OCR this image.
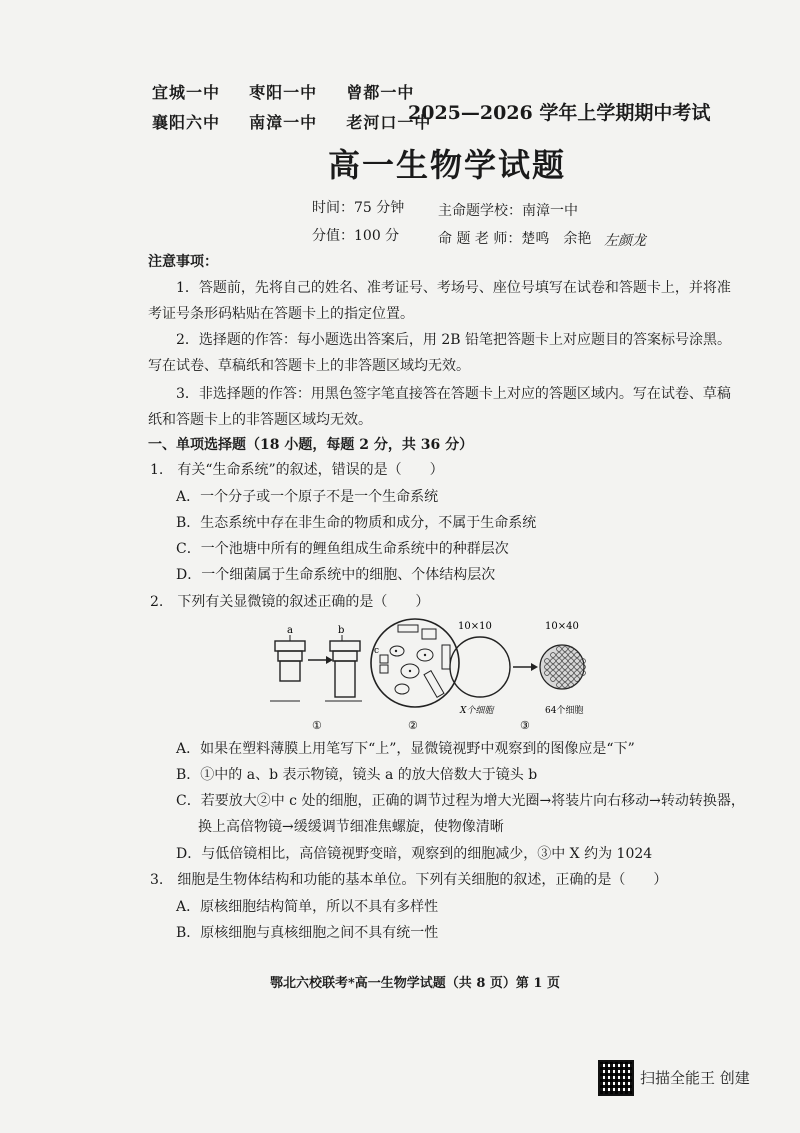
宜城一中 枣阳一中 曾都一中
襄阳六中 南漳一中 老河口一中
2025—2026 学年上学期期中考试
高一生物学试题
时间：75 分钟 主命题学校：南漳一中
分值：100 分	命 题 老 师：楚鸣　余艳 左颜龙
注意事项：
1．答题前，先将自己的姓名、准考证号、考场号、座位号填写在试卷和答题卡上，并将准
考证号条形码粘贴在答题卡上的指定位置。
2．选择题的作答：每小题选出答案后，用 2B 铅笔把答题卡上对应题目的答案标号涂黑。
写在试卷、草稿纸和答题卡上的非答题区域均无效。
3．非选择题的作答：用黑色签字笔直接答在答题卡上对应的答题区域内。写在试卷、草稿
纸和答题卡上的非答题区域均无效。
一、单项选择题（18 小题，每题 2 分，共 36 分）
1.　有关“生命系统”的叙述，错误的是（　　）
A．一个分子或一个原子不是一个生命系统
B．生态系统中存在非生命的物质和成分，不属于生命系统
C．一个池塘中所有的鲤鱼组成生命系统中的种群层次
D．一个细菌属于生命系统中的细胞、个体结构层次
2.　下列有关显微镜的叙述正确的是（　　）
a	b
①
c
②
10×10
X个细胞
10×40
64个细胞
③
A．如果在塑料薄膜上用笔写下“上”，显微镜视野中观察到的图像应是“下”
B．①中的 a、b 表示物镜，镜头 a 的放大倍数大于镜头 b
C．若要放大②中 c 处的细胞，正确的调节过程为增大光圈→将装片向右移动→转动转换器，
换上高倍物镜→缓缓调节细准焦螺旋，使物像清晰
D．与低倍镜相比，高倍镜视野变暗，观察到的细胞减少，③中 X 约为 1024
3.　细胞是生物体结构和功能的基本单位。下列有关细胞的叙述，正确的是（　　）
A．原核细胞结构简单，所以不具有多样性
B．原核细胞与真核细胞之间不具有统一性
鄂北六校联考*高一生物学试题（共 8 页）第 1 页
扫描全能王 创建
